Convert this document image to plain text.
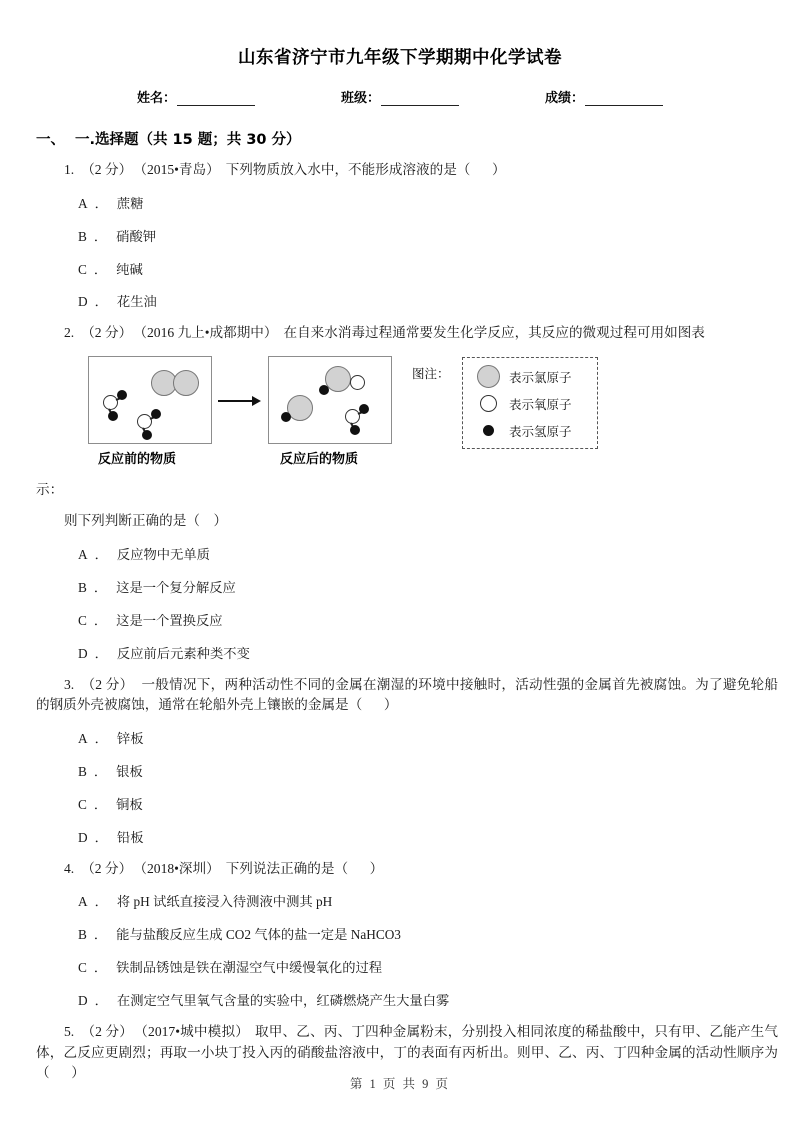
山东省济宁市九年级下学期期中化学试卷
姓名：	班级：	成绩：
一、 一.选择题（共 15 题；共 30 分）

1. （2 分） （2015•青岛） 下列物质放入水中，不能形成溶液的是（ ）

A ． 蔗糖
B ． 硝酸钾
C ． 纯碱
D ． 花生油

2. （2 分） （2016 九上•成都期中） 在自来水消毒过程通常要发生化学反应，其反应的微观过程可用如图表

反应前的物质	反应后的物质
图注：	表示氯原子
表示氧原子
表示氢原子
示：
则下列判断正确的是（ ）
A ． 反应物中无单质
B ． 这是一个复分解反应
C ． 这是一个置换反应
D ． 反应前后元素种类不变

3. （2 分） 一般情况下，两种活动性不同的金属在潮湿的环境中接触时，活动性强的金属首先被腐蚀。为了避免轮船的钢质外壳被腐蚀，通常在轮船外壳上镶嵌的金属是（ ）

A ． 锌板
B ． 银板
C ． 铜板
D ． 铅板

4. （2 分） （2018•深圳） 下列说法正确的是（ ）

A ． 将 pH 试纸直接浸入待测液中测其 pH
B ． 能与盐酸反应生成 CO2 气体的盐一定是 NaHCO3
C ． 铁制品锈蚀是铁在潮湿空气中缓慢氧化的过程
D ． 在测定空气里氧气含量的实验中，红磷燃烧产生大量白雾

5. （2 分） （2017•城中模拟） 取甲、乙、丙、丁四种金属粉末，分别投入相同浓度的稀盐酸中，只有甲、乙能产生气体，乙反应更剧烈；再取一小块丁投入丙的硝酸盐溶液中，丁的表面有丙析出。则甲、乙、丙、丁四种金属的活动性顺序为（ ）

第 1 页 共 9 页
